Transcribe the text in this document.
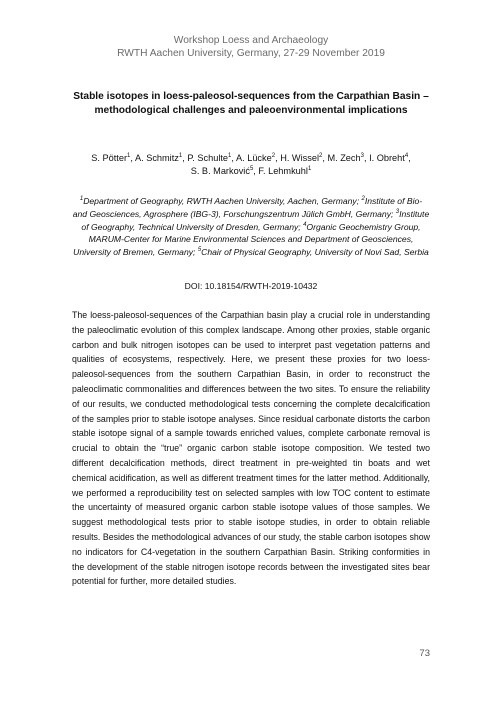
Workshop Loess and Archaeology
RWTH Aachen University, Germany, 27-29 November 2019
Stable isotopes in loess-paleosol-sequences from the Carpathian Basin – methodological challenges and paleoenvironmental implications
S. Pötter$^1$, A. Schmitz$^1$, P. Schulte$^1$, A. Lücke$^2$, H. Wissel$^2$, M. Zech$^3$, I. Obreht$^4$,
S. B. Marković$^5$, F. Lehmkuhl$^1$
$^1$Department of Geography, RWTH Aachen University, Aachen, Germany; $^2$Institute of Bio- and Geosciences, Agrosphere (IBG-3), Forschungszentrum Jülich GmbH, Germany; $^3$Institute of Geography, Technical University of Dresden, Germany; $^4$Organic Geochemistry Group, MARUM-Center for Marine Environmental Sciences and Department of Geosciences, University of Bremen, Germany; $^5$Chair of Physical Geography, University of Novi Sad, Serbia
DOI: 10.18154/RWTH-2019-10432

The loess-paleosol-sequences of the Carpathian basin play a crucial role in understanding the paleoclimatic evolution of this complex landscape. Among other proxies, stable organic carbon and bulk nitrogen isotopes can be used to interpret past vegetation patterns and qualities of ecosystems, respectively. Here, we present these proxies for two loess-paleosol-sequences from the southern Carpathian Basin, in order to reconstruct the paleoclimatic commonalities and differences between the two sites. To ensure the reliability of our results, we conducted methodological tests concerning the complete decalcification of the samples prior to stable isotope analyses. Since residual carbonate distorts the carbon stable isotope signal of a sample towards enriched values, complete carbonate removal is crucial to obtain the “true” organic carbon stable isotope composition. We tested two different decalcification methods, direct treatment in pre-weighted tin boats and wet chemical acidification, as well as different treatment times for the latter method. Additionally, we performed a reproducibility test on selected samples with low TOC content to estimate the uncertainty of measured organic carbon stable isotope values of those samples. We suggest methodological tests prior to stable isotope studies, in order to obtain reliable results. Besides the methodological advances of our study, the stable carbon isotopes show no indicators for C4-vegetation in the southern Carpathian Basin. Striking conformities in the development of the stable nitrogen isotope records between the investigated sites bear potential for further, more detailed studies.

73
